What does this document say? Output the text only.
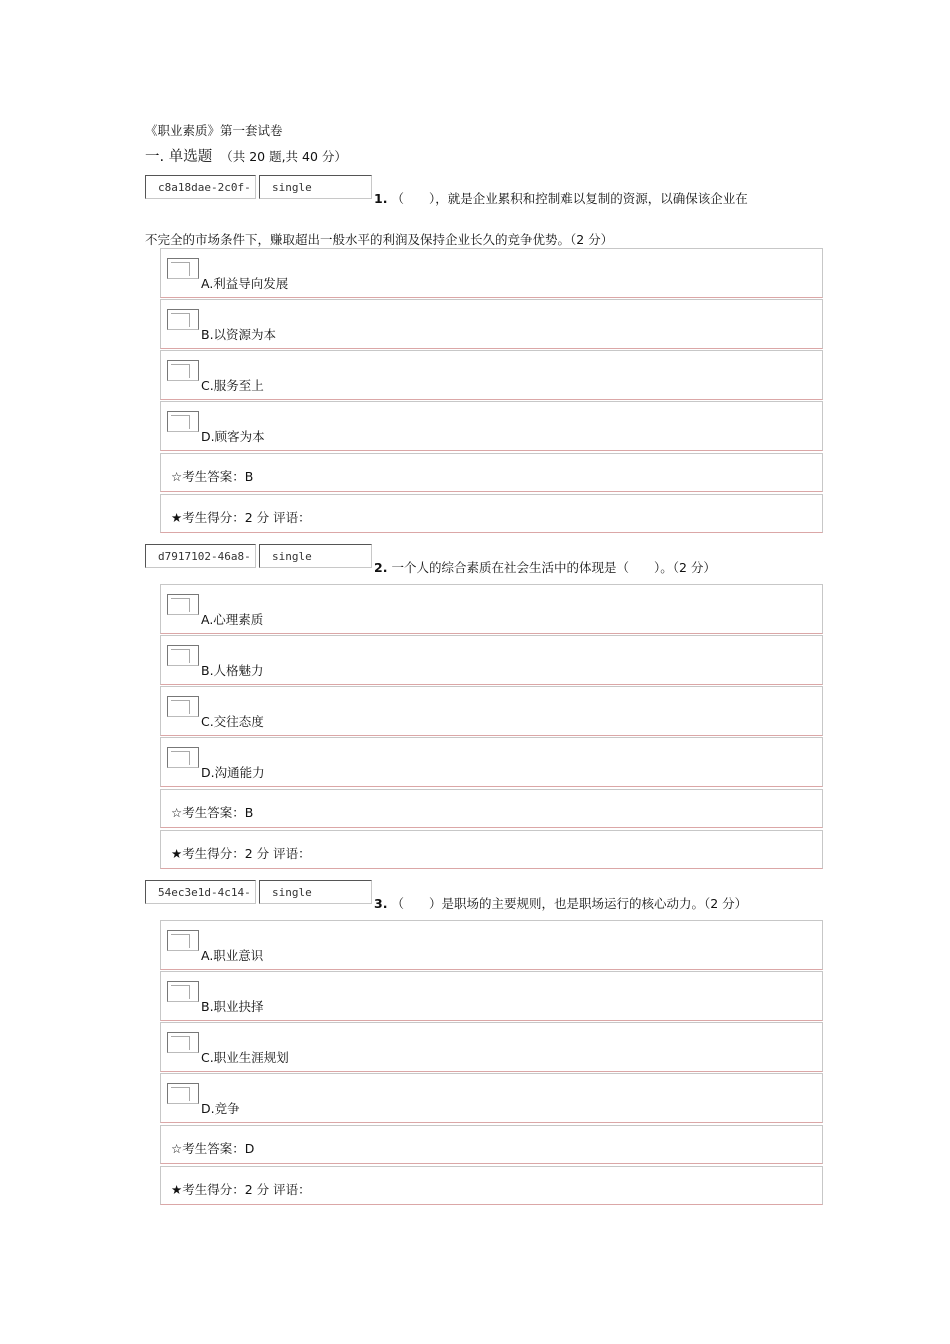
《职业素质》第一套试卷
一. 单选题 （共 20 题,共 40 分）
c8a18dae-2c0f-	single
1. （　　），就是企业累积和控制难以复制的资源，以确保该企业在
不完全的市场条件下，赚取超出一般水平的利润及保持企业长久的竞争优势。（2 分）
A.利益导向发展
B.以资源为本
C.服务至上
D.顾客为本
☆考生答案：B
★考生得分：2 分 评语：
d7917102-46a8-	single
2. 一个人的综合素质在社会生活中的体现是（　　）。（2 分）
A.心理素质
B.人格魅力
C.交往态度
D.沟通能力
☆考生答案：B
★考生得分：2 分 评语：
54ec3e1d-4c14-	single
3. （　　）是职场的主要规则，也是职场运行的核心动力。（2 分）
A.职业意识
B.职业抉择
C.职业生涯规划
D.竞争
☆考生答案：D
★考生得分：2 分 评语：
